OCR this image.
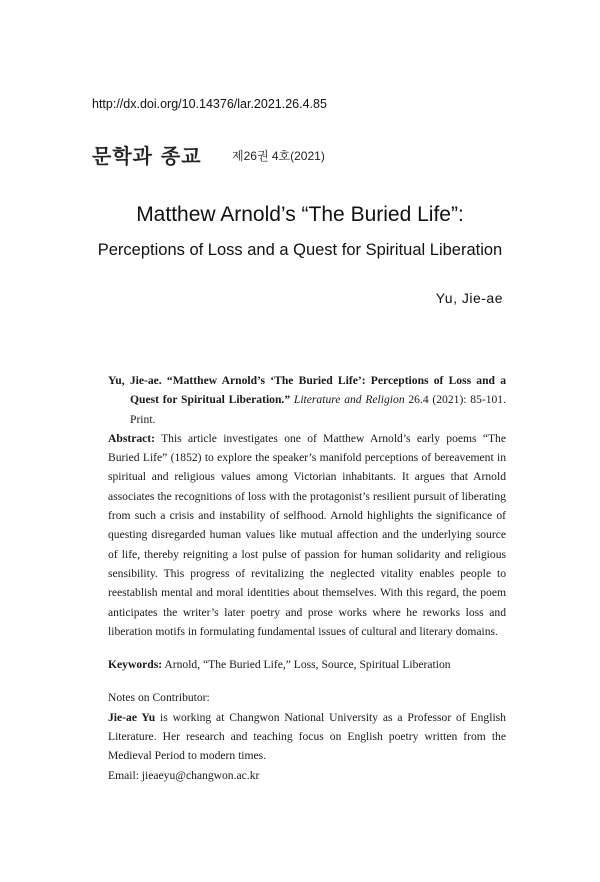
http://dx.doi.org/10.14376/lar.2021.26.4.85
문학과 종교	제26권 4호(2021)
Matthew Arnold’s “The Buried Life”:
Perceptions of Loss and a Quest for Spiritual Liberation
Yu, Jie-ae

Yu, Jie-ae. “Matthew Arnold’s ‘The Buried Life’: Perceptions of Loss and a Quest for Spiritual Liberation.” Literature and Religion 26.4 (2021): 85-101. Print.

Abstract: This article investigates one of Matthew Arnold’s early poems “The Buried Life” (1852) to explore the speaker’s manifold perceptions of bereavement in spiritual and religious values among Victorian inhabitants. It argues that Arnold associates the recognitions of loss with the protagonist’s resilient pursuit of liberating from such a crisis and instability of selfhood. Arnold highlights the significance of questing disregarded human values like mutual affection and the underlying source of life, thereby reigniting a lost pulse of passion for human solidarity and religious sensibility. This progress of revitalizing the neglected vitality enables people to reestablish mental and moral identities about themselves. With this regard, the poem anticipates the writer’s later poetry and prose works where he reworks loss and liberation motifs in formulating fundamental issues of cultural and literary domains.

Keywords: Arnold, “The Buried Life,” Loss, Source, Spiritual Liberation

Notes on Contributor:
Jie-ae Yu is working at Changwon National University as a Professor of English Literature. Her research and teaching focus on English poetry written from the Medieval Period to modern times.
Email: jieaeyu@changwon.ac.kr
